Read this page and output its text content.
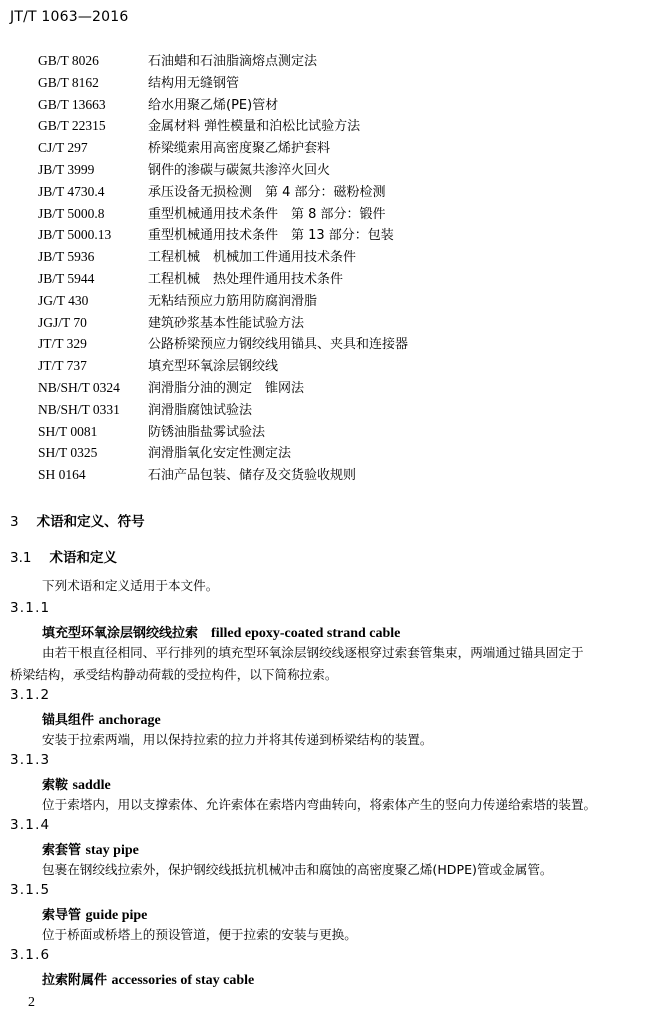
JT/T 1063—2016
GB/T 8026	石油蜡和石油脂滴熔点测定法
GB/T 8162	结构用无缝钢管
GB/T 13663	给水用聚乙烯(PE)管材
GB/T 22315	金属材料 弹性模量和泊松比试验方法
CJ/T 297	桥梁缆索用高密度聚乙烯护套料
JB/T 3999	钢件的渗碳与碳氮共渗淬火回火
JB/T 4730.4	承压设备无损检测　第 4 部分：磁粉检测
JB/T 5000.8	重型机械通用技术条件　第 8 部分：锻件
JB/T 5000.13	重型机械通用技术条件　第 13 部分：包装
JB/T 5936	工程机械　机械加工件通用技术条件
JB/T 5944	工程机械　热处理件通用技术条件
JG/T 430	无粘结预应力筋用防腐润滑脂
JGJ/T 70	建筑砂浆基本性能试验方法
JT/T 329	公路桥梁预应力钢绞线用锚具、夹具和连接器
JT/T 737	填充型环氧涂层钢绞线
NB/SH/T 0324 润滑脂分油的测定　锥网法
NB/SH/T 0331 润滑脂腐蚀试验法
SH/T 0081	防锈油脂盐雾试验法
SH/T 0325	润滑脂氧化安定性测定法
SH 0164	石油产品包装、储存及交货验收规则
3 术语和定义、符号
3.1 术语和定义
下列术语和定义适用于本文件。
3.1.1
填充型环氧涂层钢绞线拉索　 filled epoxy-coated strand cable
由若干根直径相同、平行排列的填充型环氧涂层钢绞线逐根穿过索套管集束，两端通过锚具固定于
桥梁结构，承受结构静动荷载的受拉构件，以下简称拉索。
3.1.2
锚具组件 anchorage
安装于拉索两端，用以保持拉索的拉力并将其传递到桥梁结构的装置。
3.1.3
索鞍 saddle
位于索塔内，用以支撑索体、允许索体在索塔内弯曲转向，将索体产生的竖向力传递给索塔的装置。
3.1.4
索套管 stay pipe
包裹在钢绞线拉索外，保护钢绞线抵抗机械冲击和腐蚀的高密度聚乙烯(HDPE)管或金属管。
3.1.5
索导管 guide pipe
位于桥面或桥塔上的预设管道，便于拉索的安装与更换。
3.1.6
拉索附属件 accessories of stay cable
2
